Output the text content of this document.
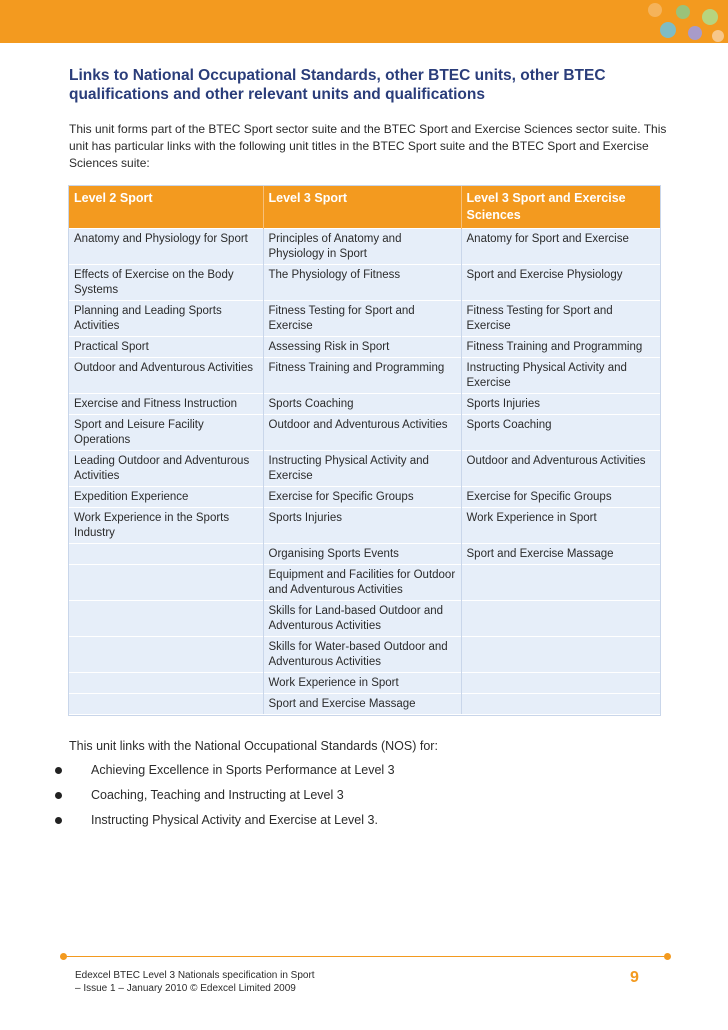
Links to National Occupational Standards, other BTEC units, other BTEC qualifications and other relevant units and qualifications
This unit forms part of the BTEC Sport sector suite and the BTEC Sport and Exercise Sciences sector suite. This unit has particular links with the following unit titles in the BTEC Sport suite and the BTEC Sport and Exercise Sciences suite:
Level 2 Sport	Level 3 Sport	Level 3 Sport and Exercise Sciences
Anatomy and Physiology for Sport	Principles of Anatomy and Physiology in Sport	Anatomy for Sport and Exercise
Effects of Exercise on the Body Systems	The Physiology of Fitness	Sport and Exercise Physiology
Planning and Leading Sports Activities	Fitness Testing for Sport and Exercise	Fitness Testing for Sport and Exercise
Practical Sport	Assessing Risk in Sport	Fitness Training and Programming
Outdoor and Adventurous Activities	Fitness Training and Programming	Instructing Physical Activity and Exercise
Exercise and Fitness Instruction	Sports Coaching	Sports Injuries
Sport and Leisure Facility Operations	Outdoor and Adventurous Activities	Sports Coaching
Leading Outdoor and Adventurous Activities	Instructing Physical Activity and Exercise	Outdoor and Adventurous Activities
Expedition Experience	Exercise for Specific Groups	Exercise for Specific Groups
Work Experience in the Sports Industry	Sports Injuries	Work Experience in Sport
	Organising Sports Events	Sport and Exercise Massage
	Equipment and Facilities for Outdoor and Adventurous Activities	
	Skills for Land-based Outdoor and Adventurous Activities	
	Skills for Water-based Outdoor and Adventurous Activities	
	Work Experience in Sport	
	Sport and Exercise Massage	
This unit links with the National Occupational Standards (NOS) for:
Achieving Excellence in Sports Performance at Level 3
Coaching, Teaching and Instructing at Level 3
Instructing Physical Activity and Exercise at Level 3.
Edexcel BTEC Level 3 Nationals specification in Sport
– Issue 1 – January 2010 © Edexcel Limited 2009
9
